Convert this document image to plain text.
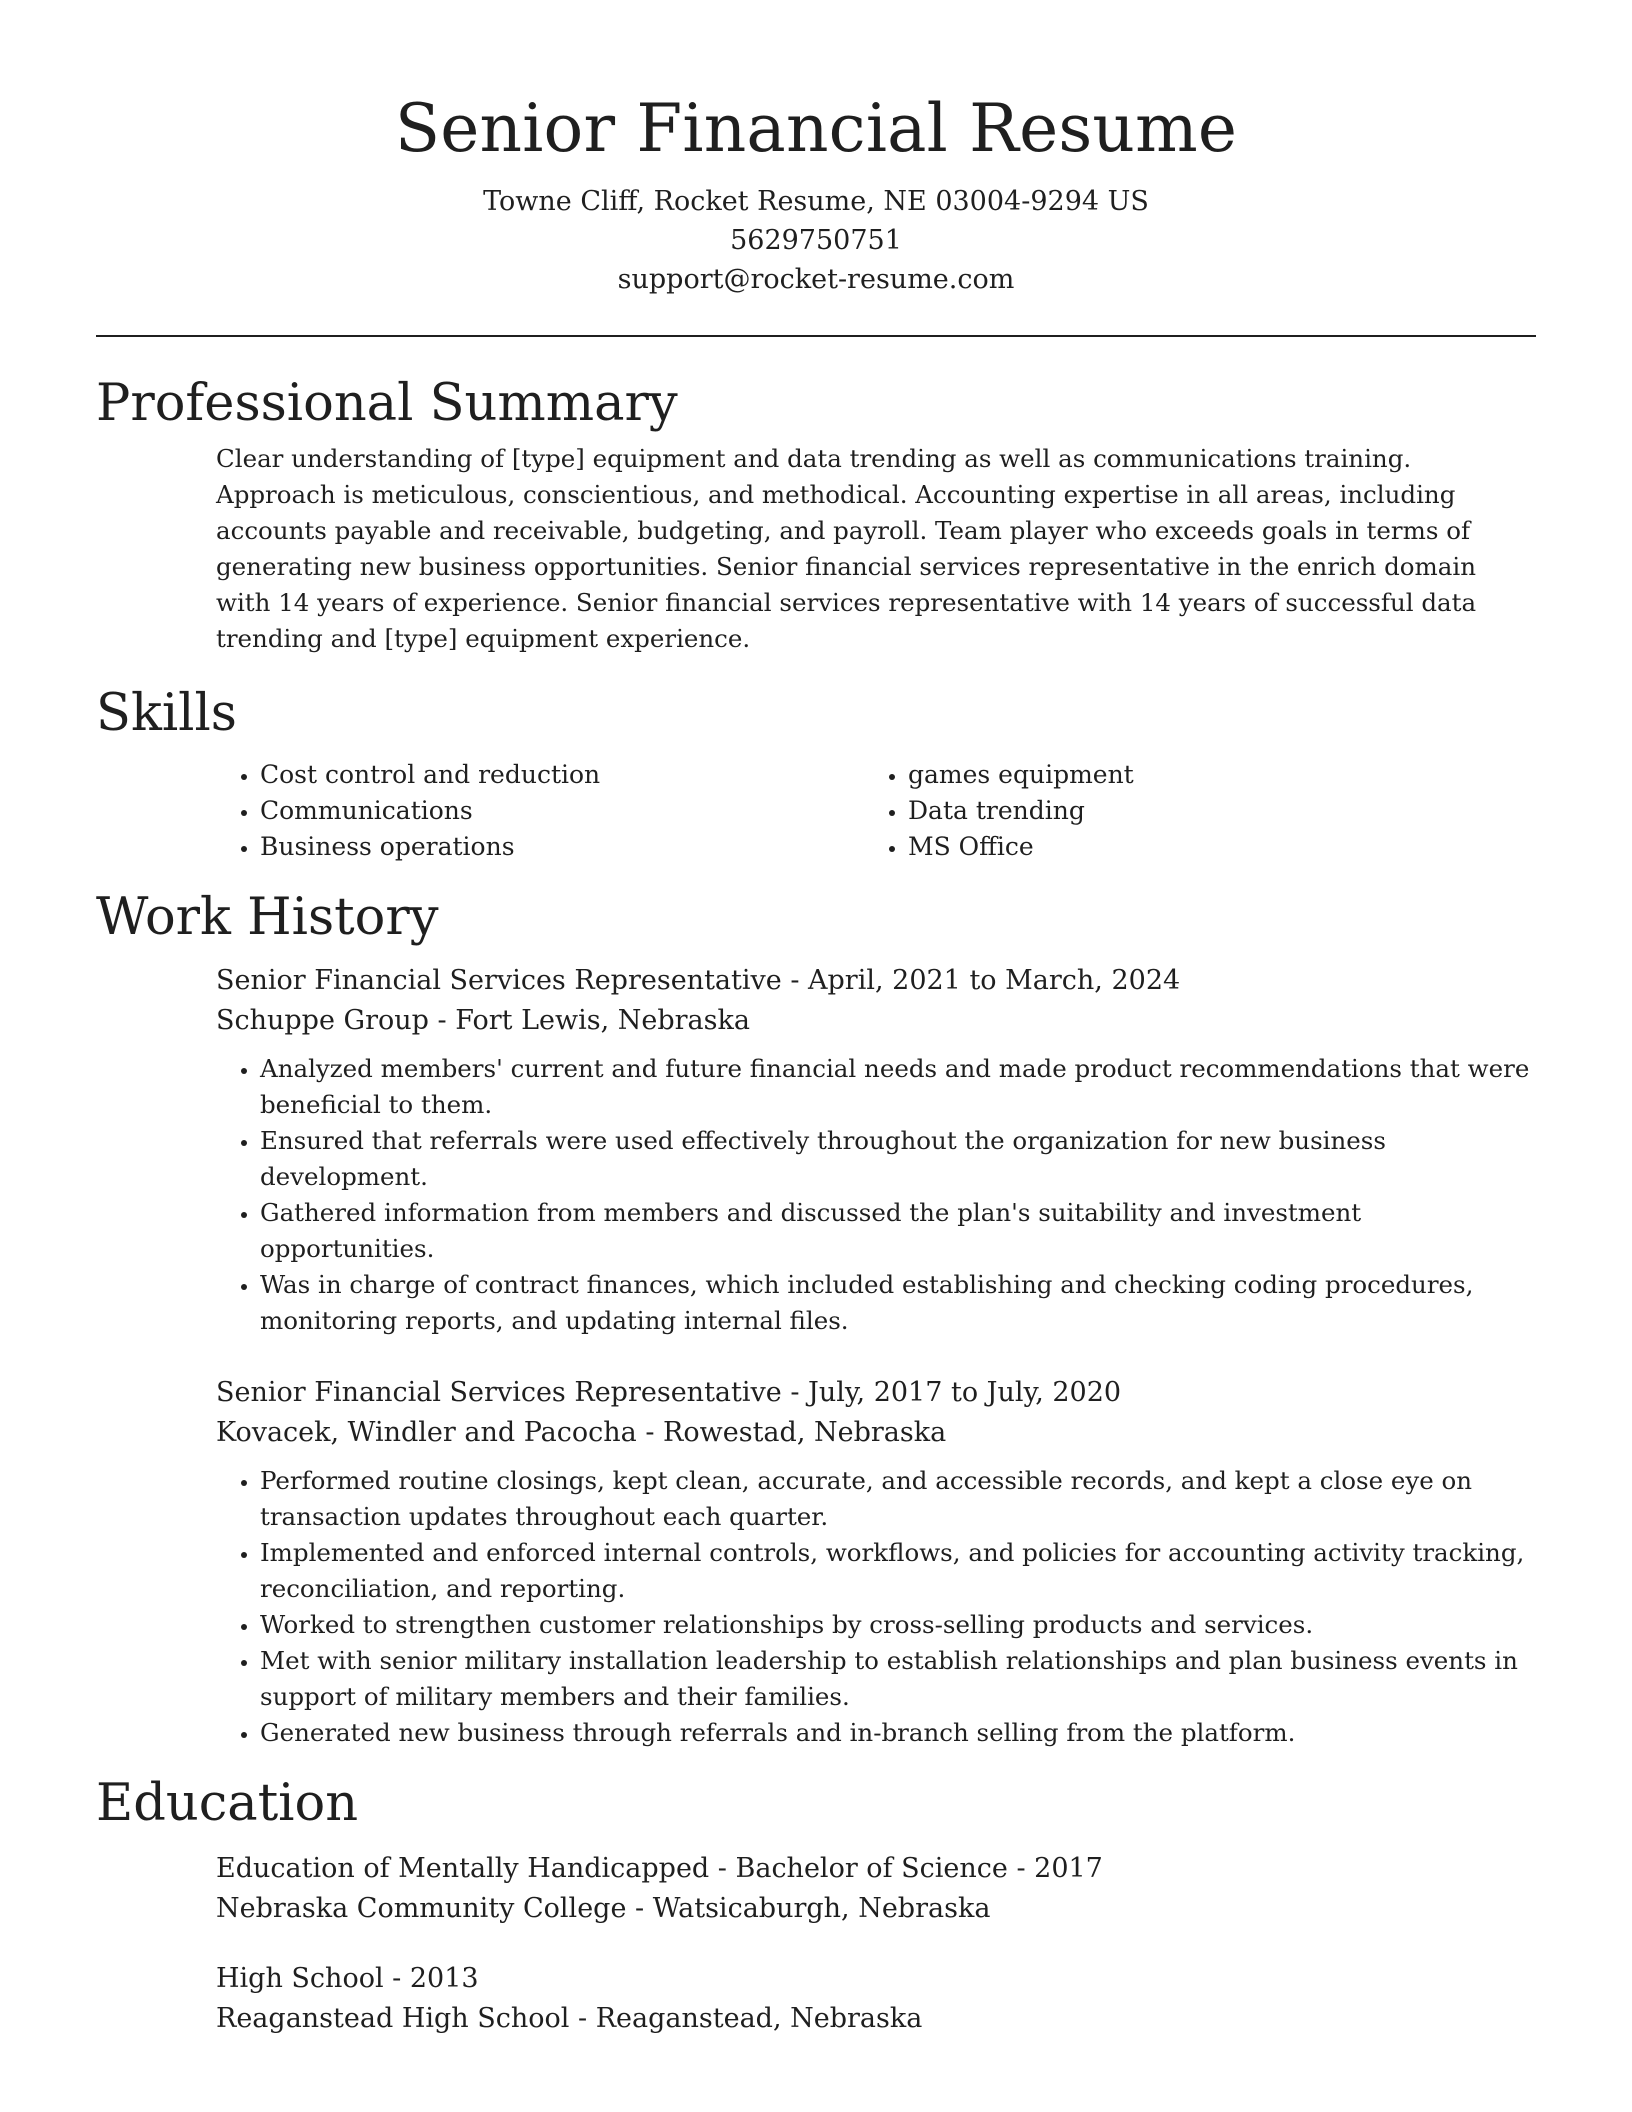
Senior Financial Resume
Towne Cliff, Rocket Resume, NE 03004-9294 US
5629750751
support@rocket-resume.com
Professional Summary

Clear understanding of [type] equipment and data trending as well as communications training. Approach is meticulous, conscientious, and methodical. Accounting expertise in all areas, including accounts payable and receivable, budgeting, and payroll. Team player who exceeds goals in terms of generating new business opportunities. Senior financial services representative in the enrich domain with 14 years of experience. Senior financial services representative with 14 years of successful data trending and [type] equipment experience.

Skills
• Cost control and reduction
• Communications
• Business operations
• games equipment
• Data trending
• MS Office
Work History
Senior Financial Services Representative - April, 2021 to March, 2024
Schuppe Group - Fort Lewis, Nebraska
• Analyzed members' current and future financial needs and made product recommendations that were beneficial to them.
• Ensured that referrals were used effectively throughout the organization for new business development.
• Gathered information from members and discussed the plan's suitability and investment opportunities.
• Was in charge of contract finances, which included establishing and checking coding procedures, monitoring reports, and updating internal files.
Senior Financial Services Representative - July, 2017 to July, 2020
Kovacek, Windler and Pacocha - Rowestad, Nebraska
• Performed routine closings, kept clean, accurate, and accessible records, and kept a close eye on transaction updates throughout each quarter.
• Implemented and enforced internal controls, workflows, and policies for accounting activity tracking, reconciliation, and reporting.
• Worked to strengthen customer relationships by cross-selling products and services.
• Met with senior military installation leadership to establish relationships and plan business events in support of military members and their families.
• Generated new business through referrals and in-branch selling from the platform.
Education
Education of Mentally Handicapped - Bachelor of Science - 2017
Nebraska Community College - Watsicaburgh, Nebraska
High School - 2013
Reaganstead High School - Reaganstead, Nebraska
